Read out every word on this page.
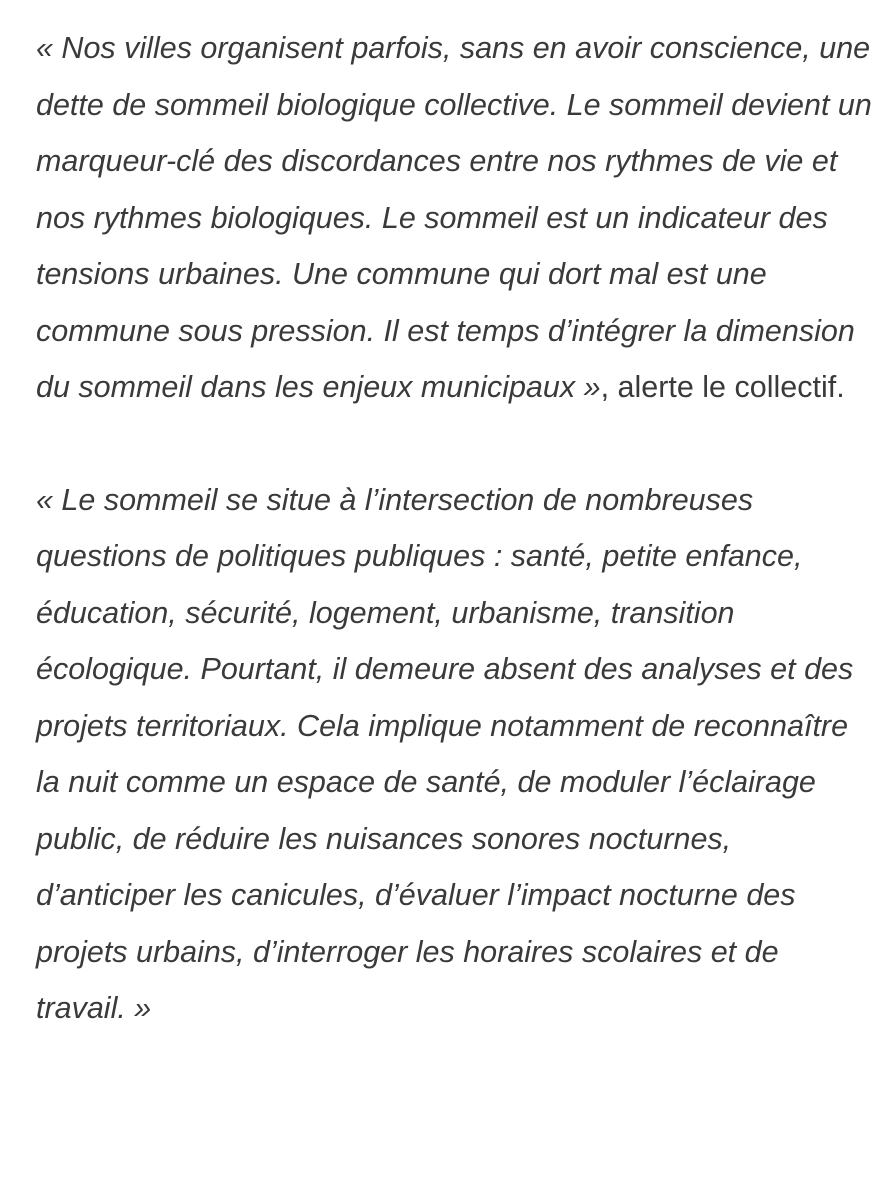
« Nos villes organisent parfois, sans en avoir conscience, une dette de sommeil biologique collective. Le sommeil devient un marqueur-clé des discordances entre nos rythmes de vie et nos rythmes biologiques. Le sommeil est un indicateur des tensions urbaines. Une commune qui dort mal est une commune sous pression. Il est temps d’intégrer la dimension du sommeil dans les enjeux municipaux », alerte le collectif.

« Le sommeil se situe à l’intersection de nombreuses questions de politiques publiques : santé, petite enfance, éducation, sécurité, logement, urbanisme, transition écologique. Pourtant, il demeure absent des analyses et des projets territoriaux. Cela implique notamment de reconnaître la nuit comme un espace de santé, de moduler l’éclairage public, de réduire les nuisances sonores nocturnes, d’anticiper les canicules, d’évaluer l’impact nocturne des projets urbains, d’interroger les horaires scolaires et de travail. »
